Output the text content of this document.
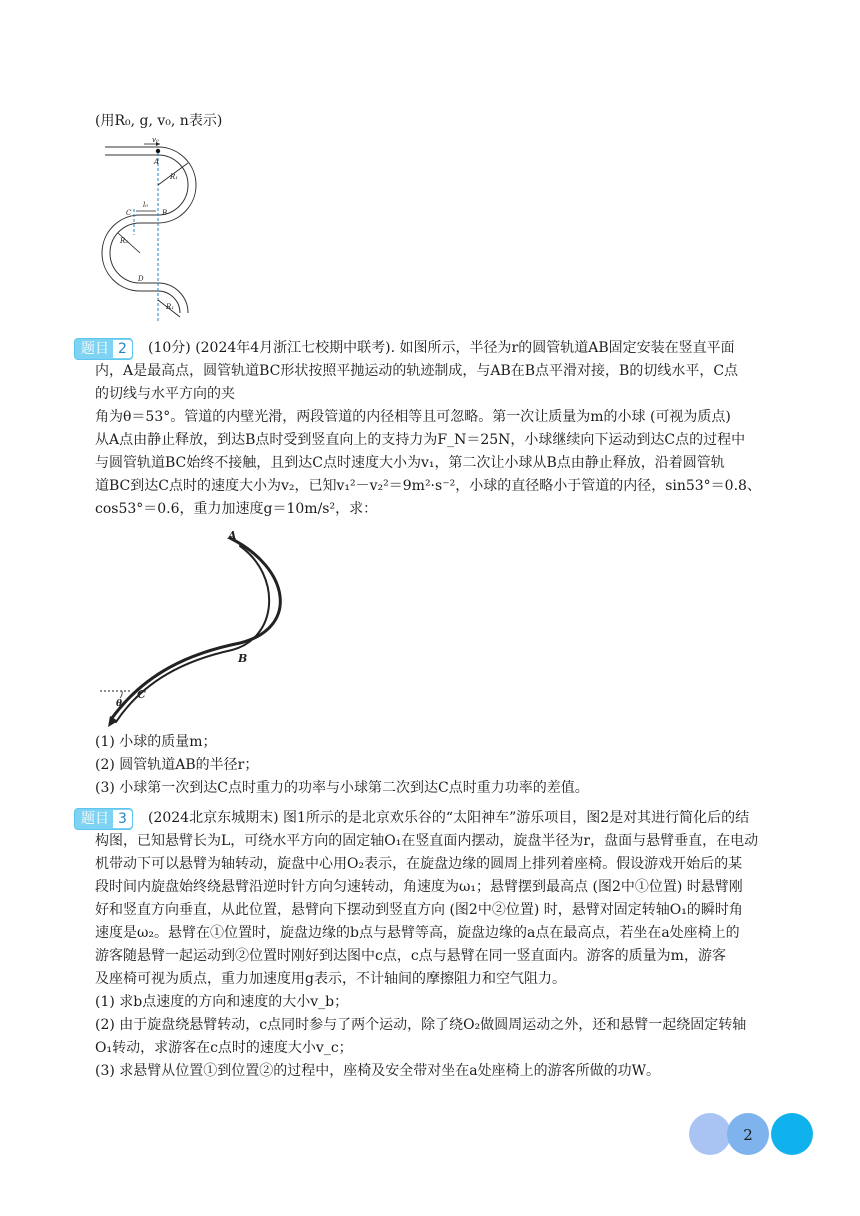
(用R₀, g, v₀, n表示)
v₀
A
R₁
C
l₀
B
R₂
D
R₁
题目 2	(10分) (2024年4月浙江七校期中联考). 如图所示，半径为r的圆管轨道AB固定安装在竖直平面
内，A是最高点，圆管轨道BC形状按照平抛运动的轨迹制成，与AB在B点平滑对接，B的切线水平，C点
的切线与水平方向的夹
角为θ＝53°。管道的内壁光滑，两段管道的内径相等且可忽略。第一次让质量为m的小球 (可视为质点)
从A点由静止释放，到达B点时受到竖直向上的支持力为F_N＝25N，小球继续向下运动到达C点的过程中
与圆管轨道BC始终不接触，且到达C点时速度大小为v₁，第二次让小球从B点由静止释放，沿着圆管轨
道BC到达C点时的速度大小为v₂，已知v₁²－v₂²＝9m²·s⁻²，小球的直径略小于管道的内径，sin53°＝0.8、
cos53°＝0.6，重力加速度g＝10m/s²，求：
A
B
C
θ
(1) 小球的质量m；
(2) 圆管轨道AB的半径r；
(3) 小球第一次到达C点时重力的功率与小球第二次到达C点时重力功率的差值。
题目 3	(2024北京东城期末) 图1所示的是北京欢乐谷的“太阳神车”游乐项目，图2是对其进行简化后的结
构图，已知悬臂长为L，可绕水平方向的固定轴O₁在竖直面内摆动，旋盘半径为r，盘面与悬臂垂直，在电动
机带动下可以悬臂为轴转动，旋盘中心用O₂表示，在旋盘边缘的圆周上排列着座椅。假设游戏开始后的某
段时间内旋盘始终绕悬臂沿逆时针方向匀速转动，角速度为ω₁；悬臂摆到最高点 (图2中①位置) 时悬臂刚
好和竖直方向垂直，从此位置，悬臂向下摆动到竖直方向 (图2中②位置) 时，悬臂对固定转轴O₁的瞬时角
速度是ω₂。悬臂在①位置时，旋盘边缘的b点与悬臂等高，旋盘边缘的a点在最高点，若坐在a处座椅上的
游客随悬臂一起运动到②位置时刚好到达图中c点，c点与悬臂在同一竖直面内。游客的质量为m，游客
及座椅可视为质点，重力加速度用g表示，不计轴间的摩擦阻力和空气阻力。
(1) 求b点速度的方向和速度的大小v_b；
(2) 由于旋盘绕悬臂转动，c点同时参与了两个运动，除了绕O₂做圆周运动之外，还和悬臂一起绕固定转轴
O₁转动，求游客在c点时的速度大小v_c；
(3) 求悬臂从位置①到位置②的过程中，座椅及安全带对坐在a处座椅上的游客所做的功W。
2
